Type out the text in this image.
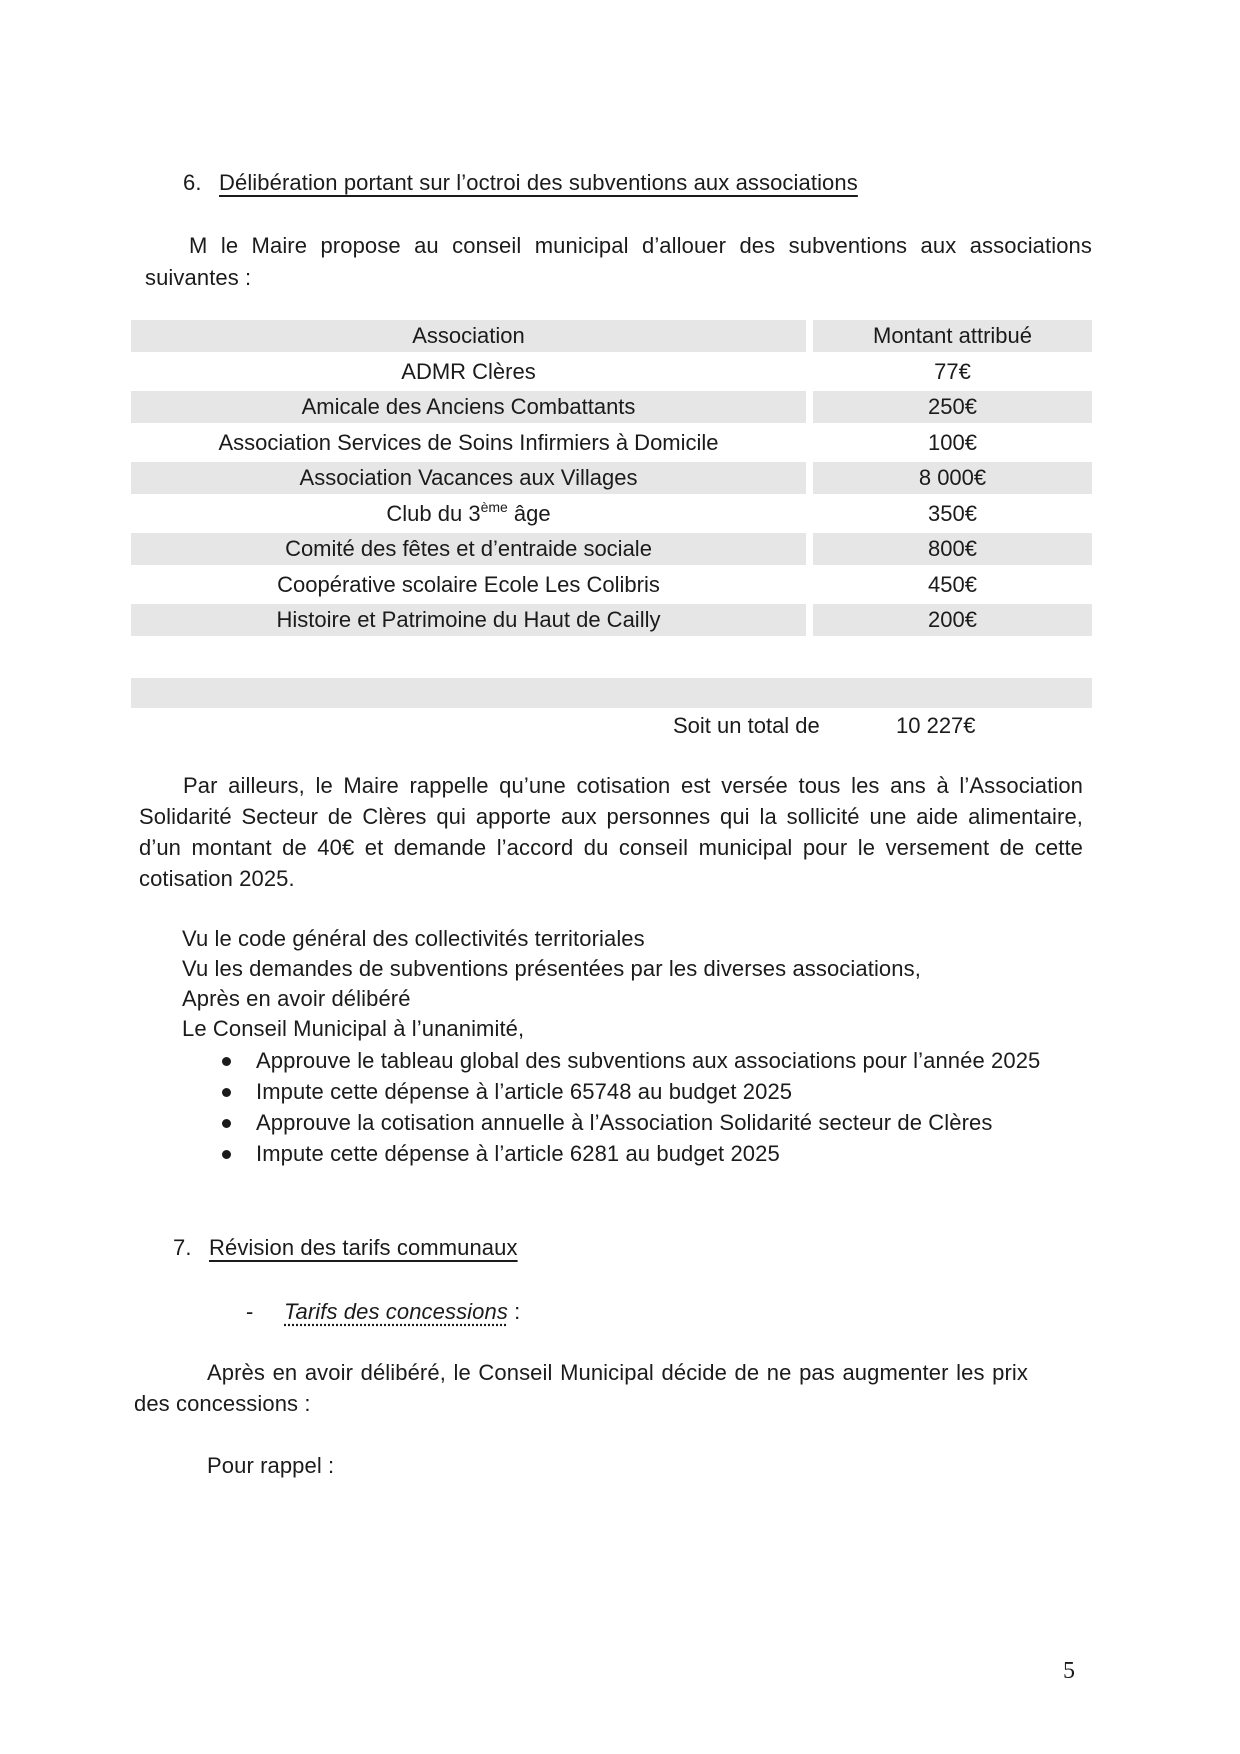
6. Délibération portant sur l’octroi des subventions aux associations
M le Maire propose au conseil municipal d’allouer des subventions aux associations
suivantes :
Association	Montant attribué
ADMR Clères	77€
Amicale des Anciens Combattants	250€
Association Services de Soins Infirmiers à Domicile	100€
Association Vacances aux Villages	8 000€
Club du 3ème âge	350€
Comité des fêtes et d’entraide sociale	800€
Coopérative scolaire Ecole Les Colibris	450€
Histoire et Patrimoine du Haut de Cailly	200€
Soit un total de	10 227€
Par ailleurs, le Maire rappelle qu’une cotisation est versée tous les ans à l’Association
Solidarité Secteur de Clères qui apporte aux personnes qui la sollicité une aide alimentaire,
d’un montant de 40€ et demande l’accord du conseil municipal pour le versement de cette
cotisation 2025.
Vu le code général des collectivités territoriales
Vu les demandes de subventions présentées par les diverses associations,
Après en avoir délibéré
Le Conseil Municipal à l’unanimité,
Approuve le tableau global des subventions aux associations pour l’année 2025
Impute cette dépense à l’article 65748 au budget 2025
Approuve la cotisation annuelle à l’Association Solidarité secteur de Clères
Impute cette dépense à l’article 6281 au budget 2025
7. Révision des tarifs communaux
- Tarifs des concessions :
Après en avoir délibéré, le Conseil Municipal décide de ne pas augmenter les prix
des concessions :
Pour rappel :
5
